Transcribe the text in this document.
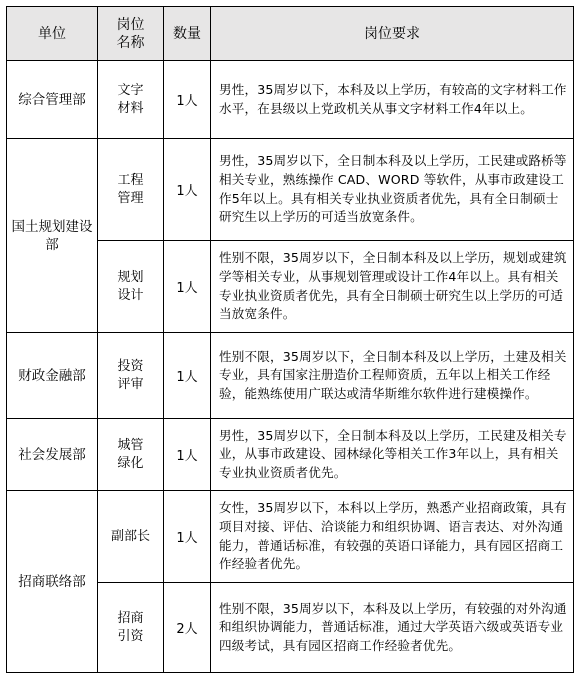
单位	岗位名称	数量	岗位要求
综合管理部	文字材料	1人	男性，35周岁以下，本科及以上学历，有较高的文字材料工作水平，在县级以上党政机关从事文字材料工作4年以上。
国土规划建设部	工程管理	1人	男性，35周岁以下，全日制本科及以上学历，工民建或路桥等相关专业，熟练操作 CAD、WORD 等软件，从事市政建设工作5年以上。具有相关专业执业资质者优先，具有全日制硕士研究生以上学历的可适当放宽条件。
	规划设计	1人	性别不限，35周岁以下，全日制本科及以上学历，规划或建筑学等相关专业，从事规划管理或设计工作4年以上。具有相关专业执业资质者优先，具有全日制硕士研究生以上学历的可适当放宽条件。
财政金融部	投资评审	1人	性别不限，35周岁以下，全日制本科及以上学历，土建及相关专业，具有国家注册造价工程师资质，五年以上相关工作经验，能熟练使用广联达或清华斯维尔软件进行建模操作。
社会发展部	城管绿化	1人	男性，35周岁以下，全日制本科及以上学历，工民建及相关专业，从事市政建设、园林绿化等相关工作3年以上，具有相关专业执业资质者优先。
招商联络部	副部长	1人	女性，35周岁以下，本科以上学历，熟悉产业招商政策，具有项目对接、评估、洽谈能力和组织协调、语言表达、对外沟通能力，普通话标准，有较强的英语口译能力，具有园区招商工作经验者优先。
	招商引资	2人	性别不限，35周岁以下，本科及以上学历，有较强的对外沟通和组织协调能力，普通话标准，通过大学英语六级或英语专业四级考试，具有园区招商工作经验者优先。
